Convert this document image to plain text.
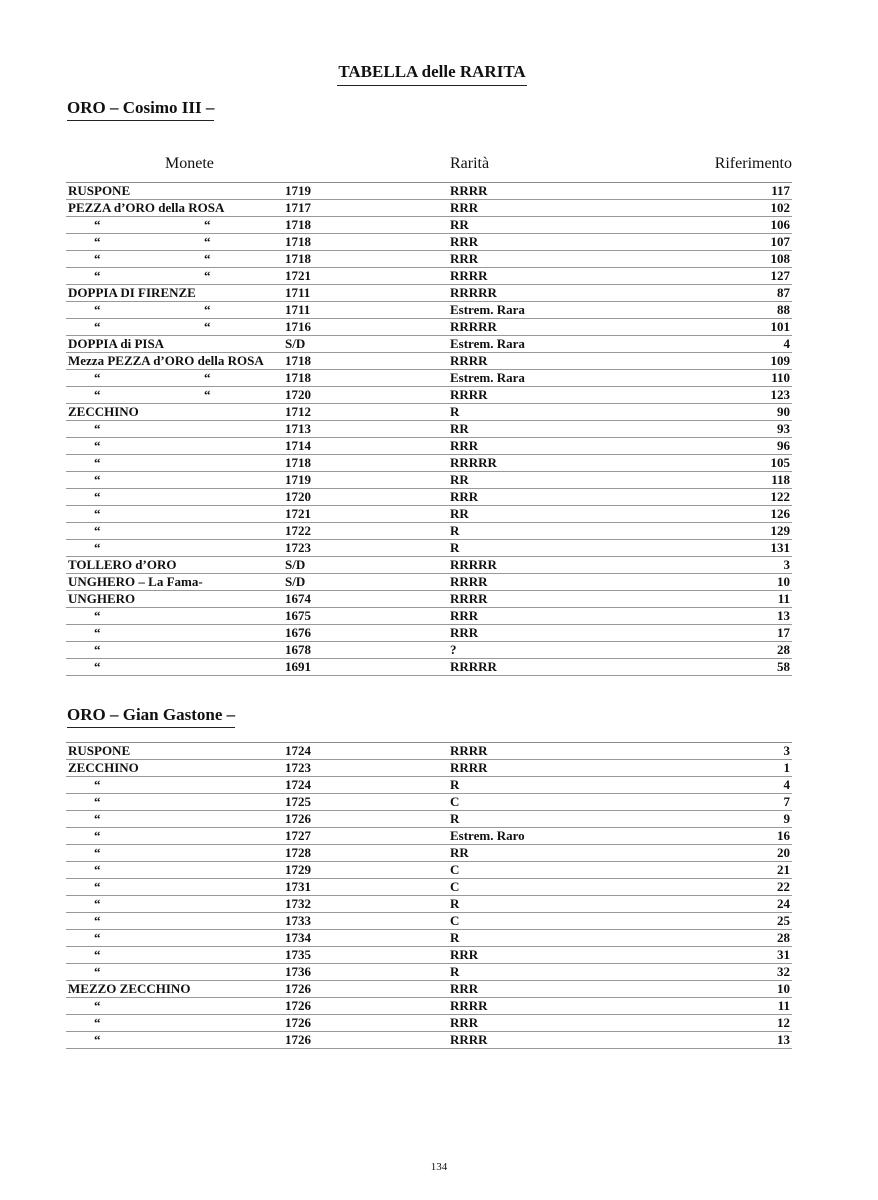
TABELLA delle RARITA
ORO – Cosimo III –
Monete	Rarità	Riferimento
RUSPONE	1719	RRRR	117
PEZZA d’ORO della ROSA	1717	RRR	102
“	“	1718	RR	106
“	“	1718	RRR	107
“	“	1718	RRR	108
“	“	1721	RRRR	127
DOPPIA DI FIRENZE	1711	RRRRR	87
“	“	1711	Estrem. Rara	88
“	“	1716	RRRRR	101
DOPPIA di PISA	S/D	Estrem. Rara	4
Mezza PEZZA d’ORO della ROSA 1718	RRRR	109
“	“	1718	Estrem. Rara	110
“	“	1720	RRRR	123
ZECCHINO	1712	R	90
“	1713	RR	93
“	1714	RRR	96
“	1718	RRRRR	105
“	1719	RR	118
“	1720	RRR	122
“	1721	RR	126
“	1722	R	129
“	1723	R	131
TOLLERO d’ORO	S/D	RRRRR	3
UNGHERO – La Fama-	S/D	RRRR	10
UNGHERO	1674	RRRR	11
“	1675	RRR	13
“	1676	RRR	17
“	1678	?	28
“	1691	RRRRR	58
ORO – Gian Gastone –
RUSPONE	1724	RRRR	3
ZECCHINO	1723	RRRR	1
“	1724	R	4
“	1725	C	7
“	1726	R	9
“	1727	Estrem. Raro	16
“	1728	RR	20
“	1729	C	21
“	1731	C	22
“	1732	R	24
“	1733	C	25
“	1734	R	28
“	1735	RRR	31
“	1736	R	32
MEZZO ZECCHINO	1726	RRR	10
“	1726	RRRR	11
“	1726	RRR	12
“	1726	RRRR	13
134
